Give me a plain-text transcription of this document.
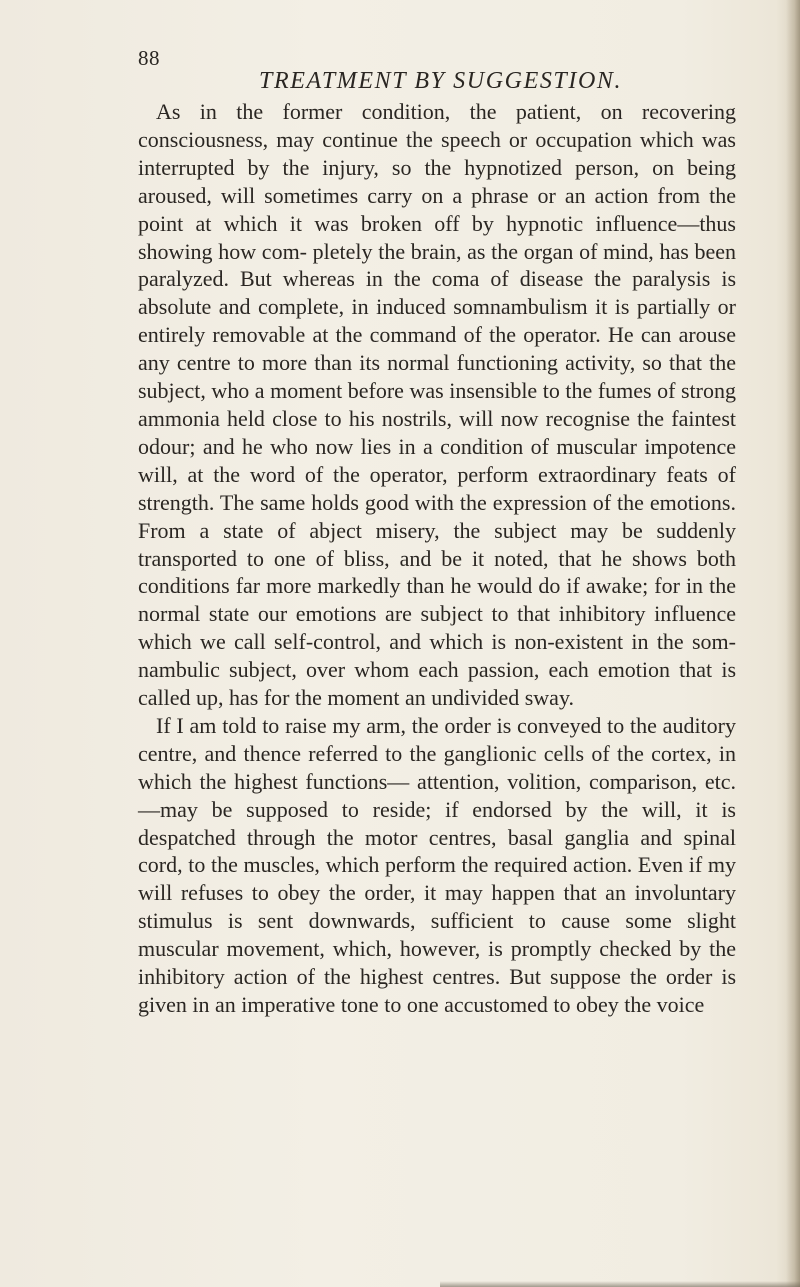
88
TREATMENT BY SUGGESTION.

As in the former condition, the patient, on recovering consciousness, may continue the speech or occupation which was interrupted by the injury, so the hypnotized person, on being aroused, will sometimes carry on a phrase or an action from the point at which it was broken off by hypnotic influence—thus showing how com- pletely the brain, as the organ of mind, has been paralyzed. But whereas in the coma of disease the paralysis is absolute and complete, in induced somnambulism it is partially or entirely removable at the command of the operator. He can arouse any centre to more than its normal functioning activity, so that the subject, who a moment before was insensible to the fumes of strong ammonia held close to his nostrils, will now recognise the faintest odour; and he who now lies in a condition of muscular impotence will, at the word of the operator, perform extraordinary feats of strength. The same holds good with the expression of the emotions. From a state of abject misery, the subject may be suddenly transported to one of bliss, and be it noted, that he shows both conditions far more markedly than he would do if awake; for in the normal state our emotions are subject to that inhibitory influence which we call self-control, and which is non-existent in the som- nambulic subject, over whom each passion, each emotion that is called up, has for the moment an undivided sway.

If I am told to raise my arm, the order is conveyed to the auditory centre, and thence referred to the ganglionic cells of the cortex, in which the highest functions— attention, volition, comparison, etc.—may be supposed to reside; if endorsed by the will, it is despatched through the motor centres, basal ganglia and spinal cord, to the muscles, which perform the required action. Even if my will refuses to obey the order, it may happen that an involuntary stimulus is sent downwards, sufficient to cause some slight muscular movement, which, however, is promptly checked by the inhibitory action of the highest centres. But suppose the order is given in an imperative tone to one accustomed to obey the voice
